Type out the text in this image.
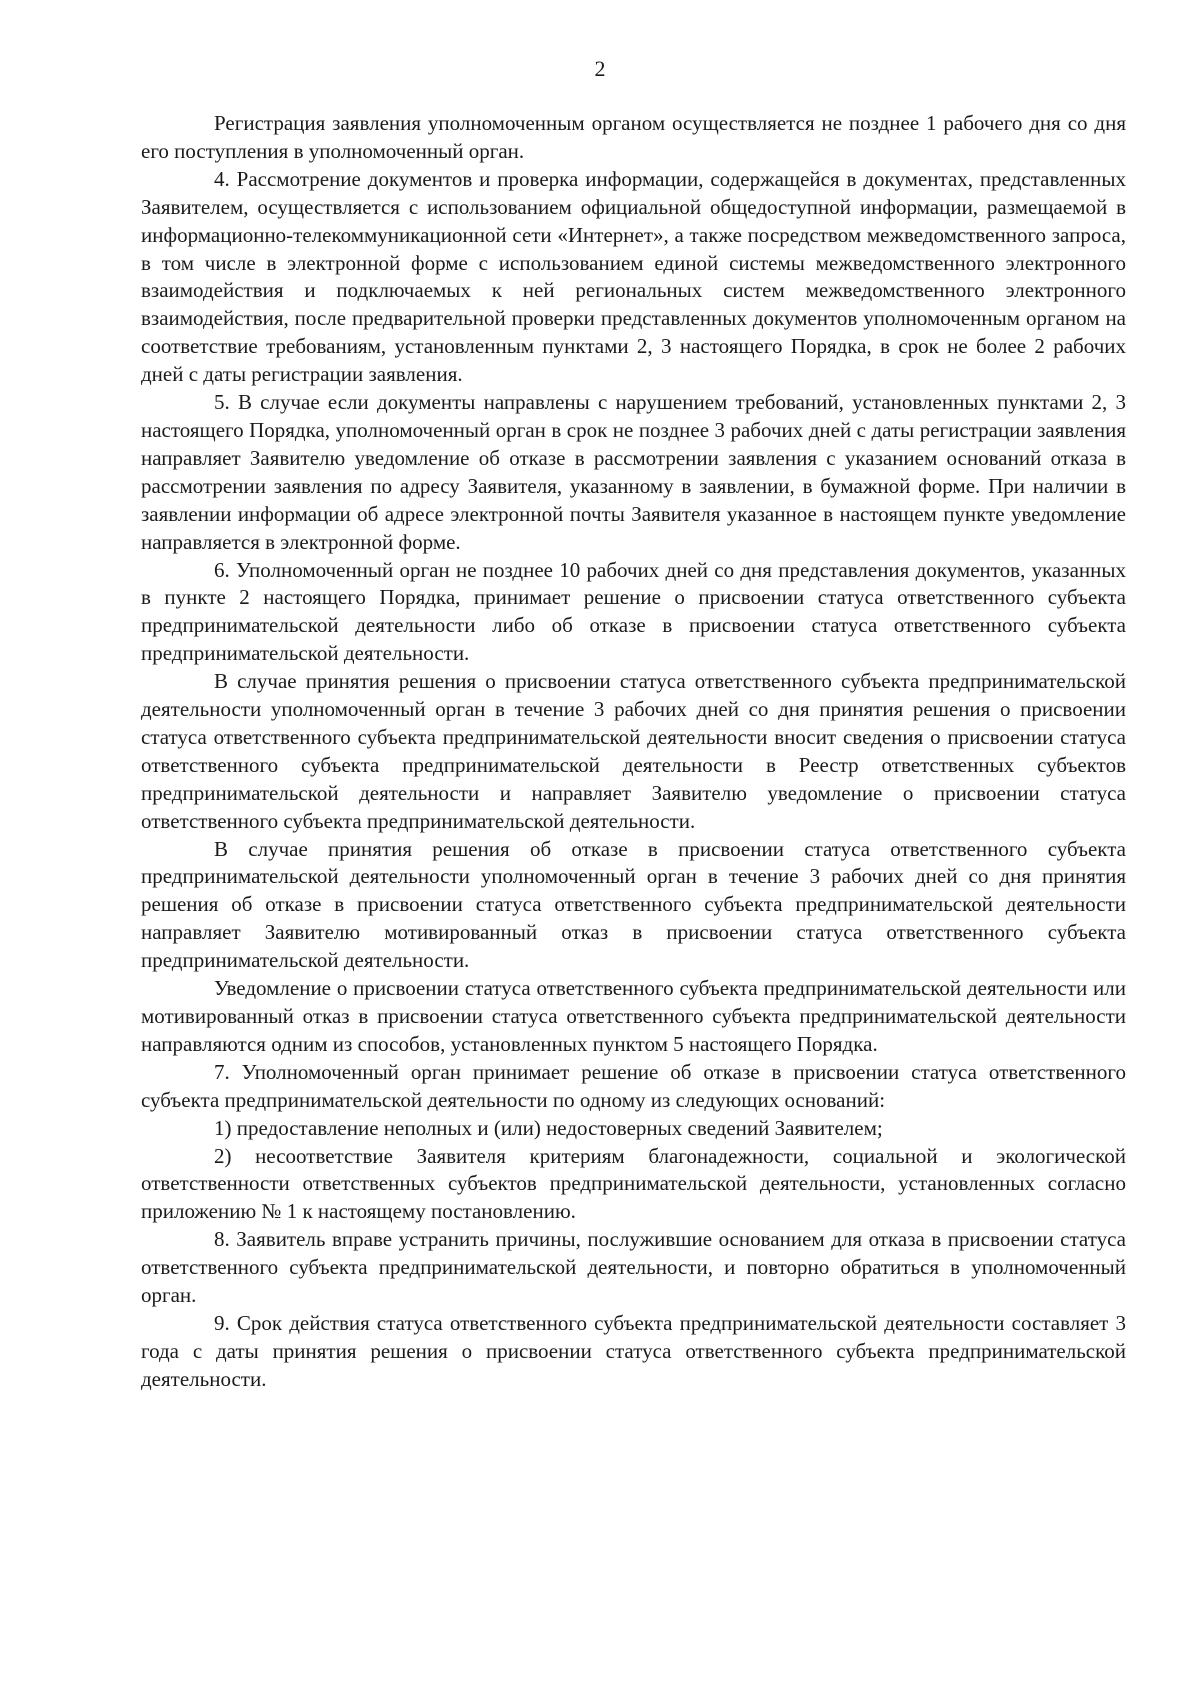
2

Регистрация заявления уполномоченным органом осуществляется не позднее 1 рабочего дня со дня его поступления в уполномоченный орган.

4. Рассмотрение документов и проверка информации, содержащейся в документах, представленных Заявителем, осуществляется с использованием официальной общедоступной информации, размещаемой в информационно-телекоммуникационной сети «Интернет», а также посредством межведомственного запроса, в том числе в электронной форме с использованием единой системы межведомственного электронного взаимодействия и подключаемых к ней региональных систем межведомственного электронного взаимодействия, после предварительной проверки представленных документов уполномоченным органом на соответствие требованиям, установленным пунктами 2, 3 настоящего Порядка, в срок не более 2 рабочих дней с даты регистрации заявления.

5. В случае если документы направлены с нарушением требований, установленных пунктами 2, 3 настоящего Порядка, уполномоченный орган в срок не позднее 3 рабочих дней с даты регистрации заявления направляет Заявителю уведомление об отказе в рассмотрении заявления с указанием оснований отказа в рассмотрении заявления по адресу Заявителя, указанному в заявлении, в бумажной форме. При наличии в заявлении информации об адресе электронной почты Заявителя указанное в настоящем пункте уведомление направляется в электронной форме.

6. Уполномоченный орган не позднее 10 рабочих дней со дня представления документов, указанных в пункте 2 настоящего Порядка, принимает решение о присвоении статуса ответственного субъекта предпринимательской деятельности либо об отказе в присвоении статуса ответственного субъекта предпринимательской деятельности.

В случае принятия решения о присвоении статуса ответственного субъекта предпринимательской деятельности уполномоченный орган в течение 3 рабочих дней со дня принятия решения о присвоении статуса ответственного субъекта предпринимательской деятельности вносит сведения о присвоении статуса ответственного субъекта предпринимательской деятельности в Реестр ответственных субъектов предпринимательской деятельности и направляет Заявителю уведомление о присвоении статуса ответственного субъекта предпринимательской деятельности.

В случае принятия решения об отказе в присвоении статуса ответственного субъекта предпринимательской деятельности уполномоченный орган в течение 3 рабочих дней со дня принятия решения об отказе в присвоении статуса ответственного субъекта предпринимательской деятельности направляет Заявителю мотивированный отказ в присвоении статуса ответственного субъекта предпринимательской деятельности.

Уведомление о присвоении статуса ответственного субъекта предпринимательской деятельности или мотивированный отказ в присвоении статуса ответственного субъекта предпринимательской деятельности направляются одним из способов, установленных пунктом 5 настоящего Порядка.

7. Уполномоченный орган принимает решение об отказе в присвоении статуса ответственного субъекта предпринимательской деятельности по одному из следующих оснований:

1) предоставление неполных и (или) недостоверных сведений Заявителем;

2) несоответствие Заявителя критериям благонадежности, социальной и экологической ответственности ответственных субъектов предпринимательской деятельности, установленных согласно приложению № 1 к настоящему постановлению.

8. Заявитель вправе устранить причины, послужившие основанием для отказа в присвоении статуса ответственного субъекта предпринимательской деятельности, и повторно обратиться в уполномоченный орган.

9. Срок действия статуса ответственного субъекта предпринимательской деятельности составляет 3 года с даты принятия решения о присвоении статуса ответственного субъекта предпринимательской деятельности.
